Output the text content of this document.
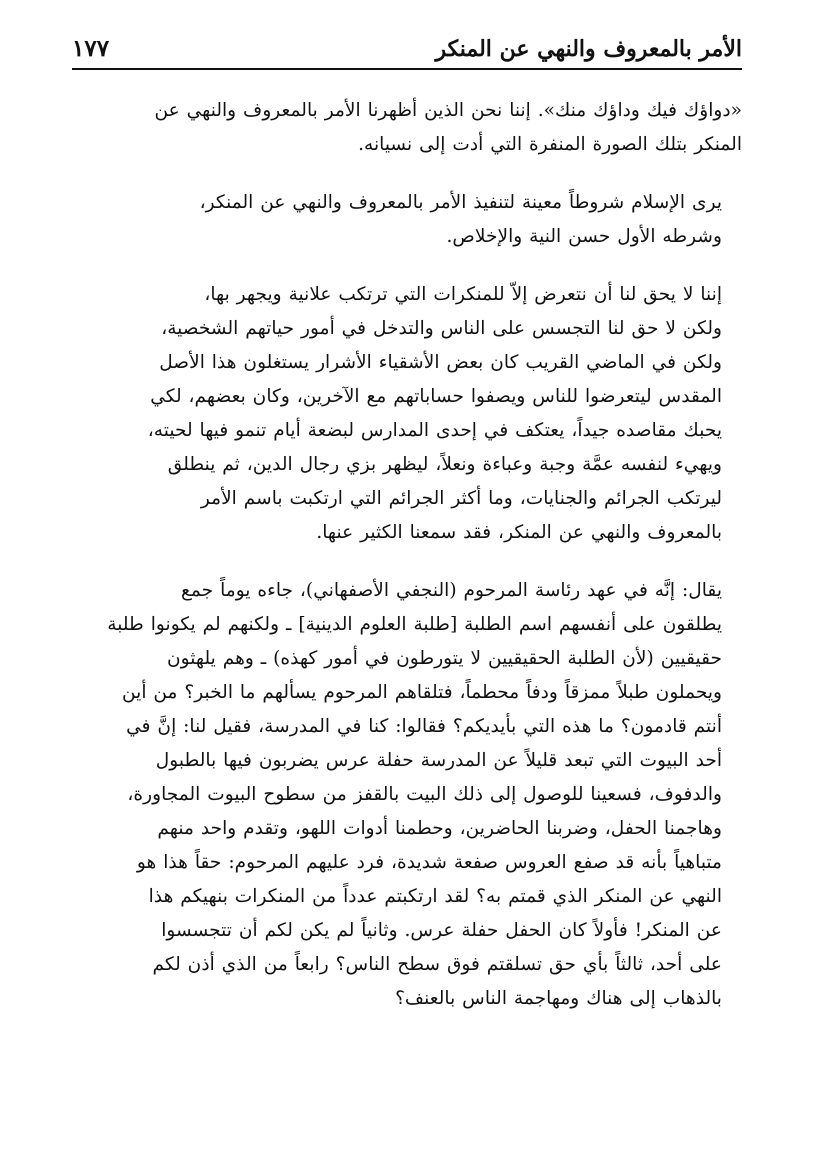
الأمر بالمعروف والنهي عن المنكر
١٧٧

«دواؤك فيك وداؤك منك». إننا نحن الذين أظهرنا الأمر بالمعروف والنهي عن
المنكر بتلك الصورة المنفرة التي أدت إلى نسيانه.

يرى الإسلام شروطاً معينة لتنفيذ الأمر بالمعروف والنهي عن المنكر،
وشرطه الأول حسن النية والإخلاص.

إننا لا يحق لنا أن نتعرض إلاّ للمنكرات التي ترتكب علانية ويجهر بها،
ولكن لا حق لنا التجسس على الناس والتدخل في أمور حياتهم الشخصية،
ولكن في الماضي القريب كان بعض الأشقياء الأشرار يستغلون هذا الأصل
المقدس ليتعرضوا للناس ويصفوا حساباتهم مع الآخرين، وكان بعضهم، لكي
يحبك مقاصده جيداً، يعتكف في إحدى المدارس لبضعة أيام تنمو فيها لحيته،
ويهيء لنفسه عمَّة وجبة وعباءة ونعلاً، ليظهر بزي رجال الدين، ثم ينطلق
ليرتكب الجرائم والجنايات، وما أكثر الجرائم التي ارتكبت باسم الأمر
بالمعروف والنهي عن المنكر، فقد سمعنا الكثير عنها.

يقال: إنَّه في عهد رئاسة المرحوم (النجفي الأصفهاني)، جاءه يوماً جمع
يطلقون على أنفسهم اسم الطلبة [طلبة العلوم الدينية] ـ ولكنهم لم يكونوا طلبة
حقيقيين (لأن الطلبة الحقيقيين لا يتورطون في أمور كهذه) ـ وهم يلهثون
ويحملون طبلاً ممزقاً ودفاً محطماً، فتلقاهم المرحوم يسألهم ما الخبر؟ من أين
أنتم قادمون؟ ما هذه التي بأيديكم؟ فقالوا: كنا في المدرسة، فقيل لنا: إنَّ في
أحد البيوت التي تبعد قليلاً عن المدرسة حفلة عرس يضربون فيها بالطبول
والدفوف، فسعينا للوصول إلى ذلك البيت بالقفز من سطوح البيوت المجاورة،
وهاجمنا الحفل، وضربنا الحاضرين، وحطمنا أدوات اللهو، وتقدم واحد منهم
متباهياً بأنه قد صفع العروس صفعة شديدة، فرد عليهم المرحوم: حقاً هذا هو
النهي عن المنكر الذي قمتم به؟ لقد ارتكبتم عدداً من المنكرات بنهيكم هذا
عن المنكر! فأولاً كان الحفل حفلة عرس. وثانياً لم يكن لكم أن تتجسسوا
على أحد، ثالثاً بأي حق تسلقتم فوق سطح الناس؟ رابعاً من الذي أذن لكم
بالذهاب إلى هناك ومهاجمة الناس بالعنف؟
